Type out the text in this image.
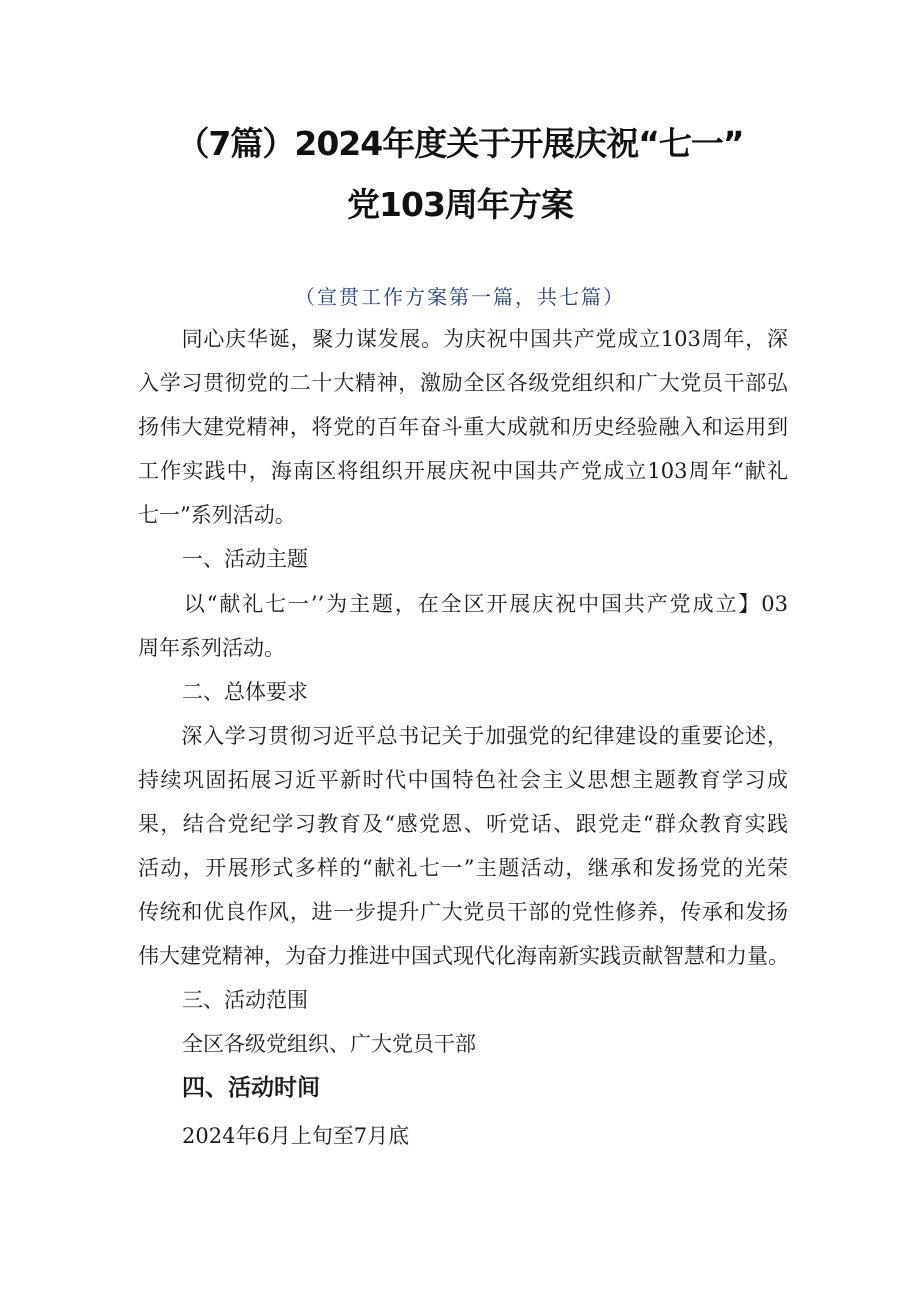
（7篇）2024年度关于开展庆祝“七一”
党103周年方案
（宣贯工作方案第一篇，共七篇）
　　同心庆华诞，聚力谋发展。为庆祝中国共产党成立103周年，深
入学习贯彻党的二十大精神，激励全区各级党组织和广大党员干部弘
扬伟大建党精神，将党的百年奋斗重大成就和历史经验融入和运用到
工作实践中，海南区将组织开展庆祝中国共产党成立103周年“献礼
七一”系列活动。
一、活动主题
　　以“献礼七一’’为主题，在全区开展庆祝中国共产党成立】03
周年系列活动。
二、总体要求
　　深入学习贯彻习近平总书记关于加强党的纪律建设的重要论述，
持续巩固拓展习近平新时代中国特色社会主义思想主题教育学习成
果，结合党纪学习教育及“感党恩、听党话、跟党走“群众教育实践
活动，开展形式多样的“献礼七一”主题活动，继承和发扬党的光荣
传统和优良作风，进一步提升广大党员干部的党性修养，传承和发扬
伟大建党精神，为奋力推进中国式现代化海南新实践贡献智慧和力量。
三、活动范围
全区各级党组织、广大党员干部
四、活动时间
2024年6月上旬至7月底
